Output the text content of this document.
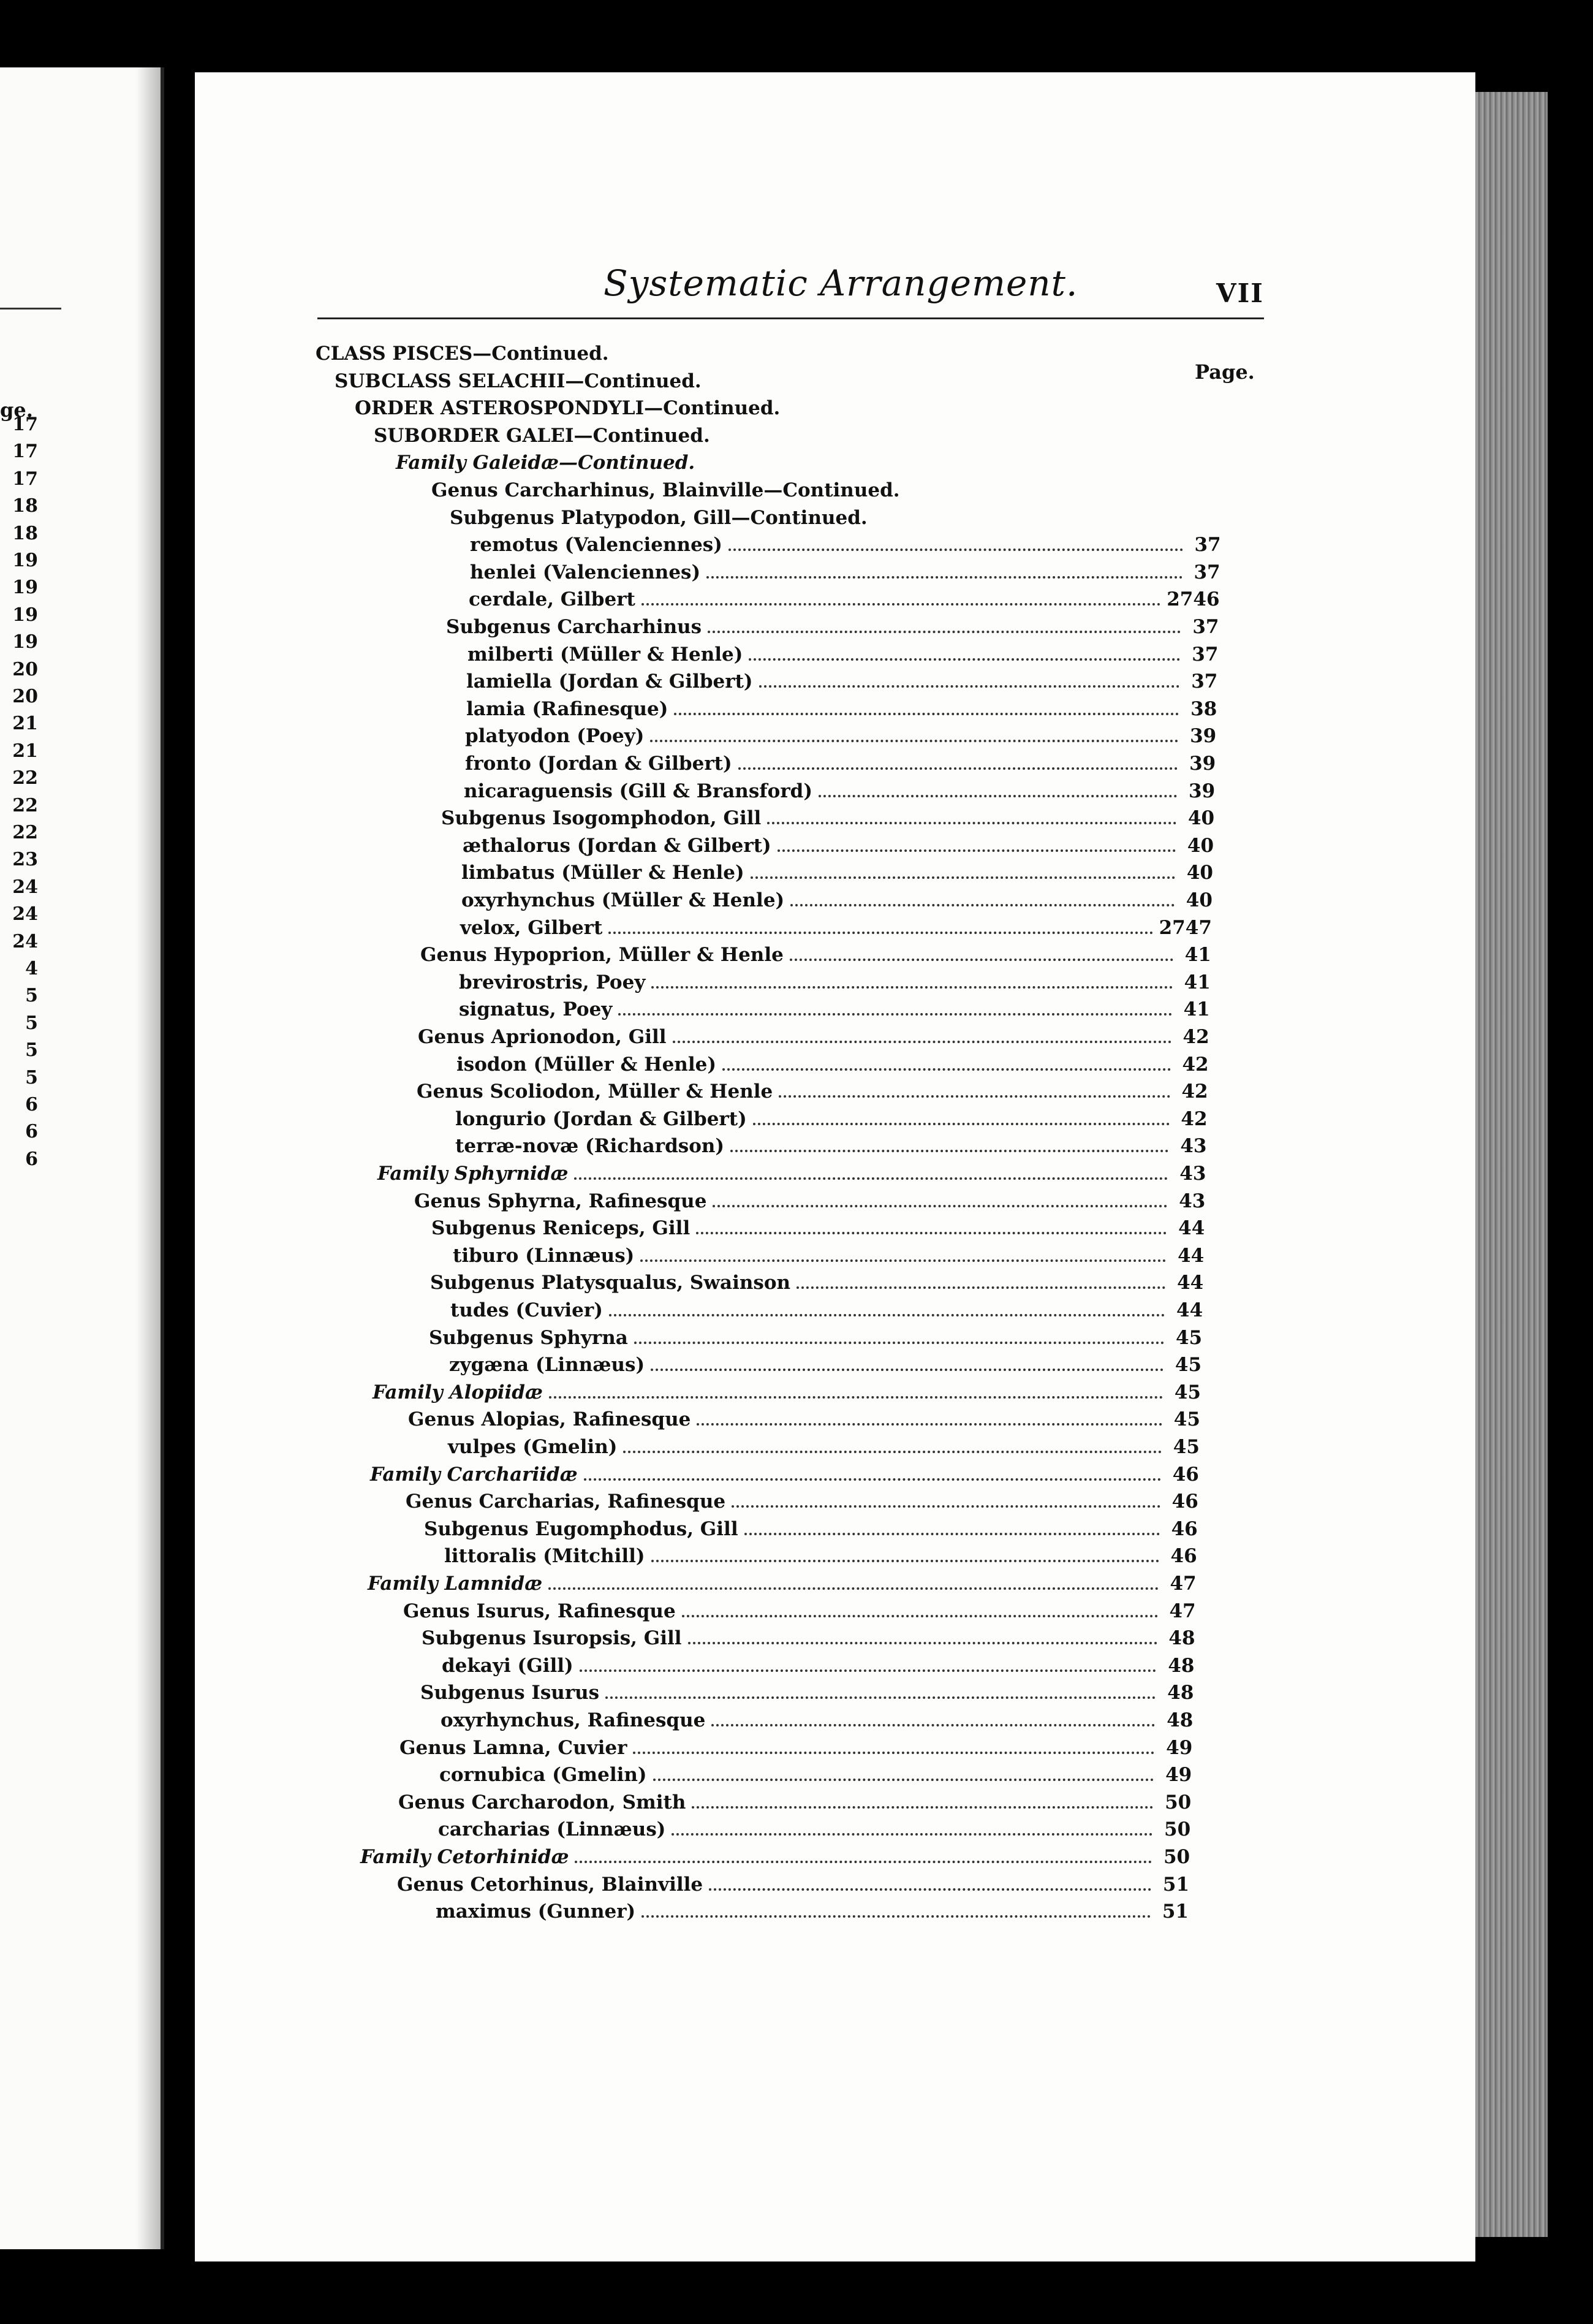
ge.
17
17
17
18
18
19
19
19
19
20
20
21
21
22
22
22
23
24
24
24
4
5
5
5
5
6
6
6
Systematic Arrangement.	VII
Page.
CLASS PISCES—Continued.
SUBCLASS SELACHII—Continued.
ORDER ASTEROSPONDYLI—Continued.
SUBORDER GALEI—Continued.
Family Galeidæ—Continued.
Genus Carcharhinus, Blainville—Continued.
Subgenus Platypodon, Gill—Continued.
remotus (Valenciennes)	37
henlei (Valenciennes)	37
cerdale, Gilbert	2746
Subgenus Carcharhinus	37
milberti (Müller & Henle)	37
lamiella (Jordan & Gilbert)	37
lamia (Rafinesque)	38
platyodon (Poey)	39
fronto (Jordan & Gilbert)	39
nicaraguensis (Gill & Bransford)	39
Subgenus Isogomphodon, Gill	40
æthalorus (Jordan & Gilbert)	40
limbatus (Müller & Henle)	40
oxyrhynchus (Müller & Henle)	40
velox, Gilbert	2747
Genus Hypoprion, Müller & Henle	41
brevirostris, Poey	41
signatus, Poey	41
Genus Aprionodon, Gill	42
isodon (Müller & Henle)	42
Genus Scoliodon, Müller & Henle	42
longurio (Jordan & Gilbert)	42
terræ-novæ (Richardson)	43
Family Sphyrnidæ	43
Genus Sphyrna, Rafinesque	43
Subgenus Reniceps, Gill	44
tiburo (Linnæus)	44
Subgenus Platysqualus, Swainson	44
tudes (Cuvier)	44
Subgenus Sphyrna	45
zygæna (Linnæus)	45
Family Alopiidæ	45
Genus Alopias, Rafinesque	45
vulpes (Gmelin)	45
Family Carchariidæ	46
Genus Carcharias, Rafinesque	46
Subgenus Eugomphodus, Gill	46
littoralis (Mitchill)	46
Family Lamnidæ	47
Genus Isurus, Rafinesque	47
Subgenus Isuropsis, Gill	48
dekayi (Gill)	48
Subgenus Isurus	48
oxyrhynchus, Rafinesque	48
Genus Lamna, Cuvier	49
cornubica (Gmelin)	49
Genus Carcharodon, Smith	50
carcharias (Linnæus)	50
Family Cetorhinidæ	50
Genus Cetorhinus, Blainville	51
maximus (Gunner)	51
